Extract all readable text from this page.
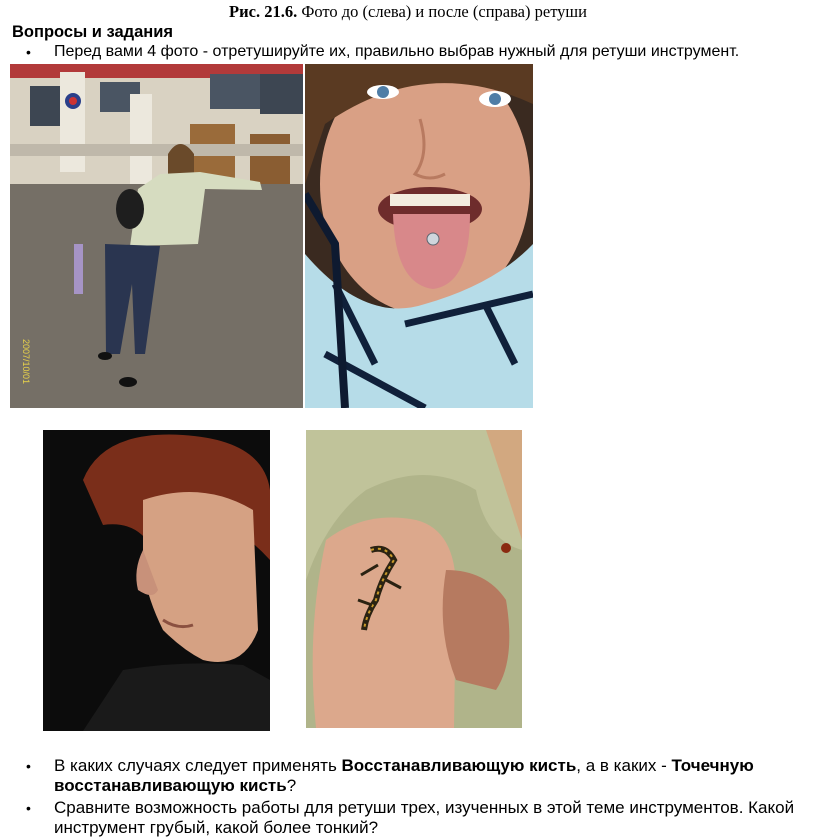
Рис. 21.6. Фото до (слева) и после (справа) ретуши
Вопросы и задания
• Перед вами 4 фото - отретушируйте их, правильно выбрав нужный для ретуши инструмент.
2007/10/01
• В каких случаях следует применять Восстанавливающую кисть, а в каких - Точечную восстанавливающую кисть?
• Сравните возможность работы для ретуши трех, изученных в этой теме инструментов. Какой инструмент грубый, какой более тонкий?
